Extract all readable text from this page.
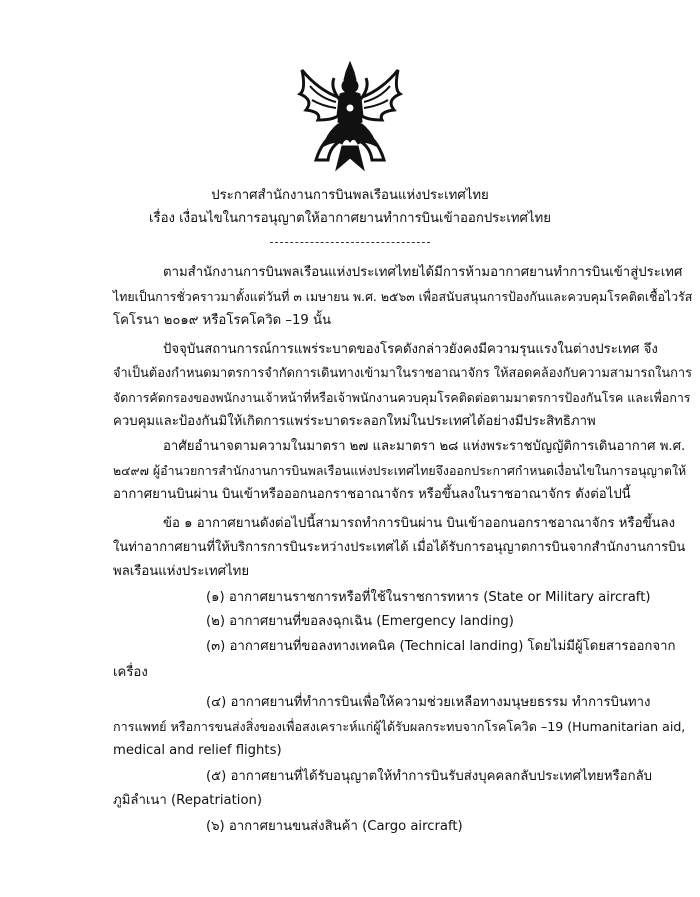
ประกาศสำนักงานการบินพลเรือนแห่งประเทศไทย
เรื่อง เงื่อนไขในการอนุญาตให้อากาศยานทำการบินเข้าออกประเทศไทย
ตามสำนักงานการบินพลเรือนแห่งประเทศไทยได้มีการห้ามอากาศยานทำการบินเข้าสู่ประเทศ
ไทยเป็นการชั่วคราวมาตั้งแต่วันที่ ๓ เมษายน พ.ศ. ๒๕๖๓ เพื่อสนับสนุนการป้องกันและควบคุมโรคติดเชื้อไวรัส
โคโรนา ๒๐๑๙ หรือโรคโควิด –19 นั้น
ปัจจุบันสถานการณ์การแพร่ระบาดของโรคดังกล่าวยังคงมีความรุนแรงในต่างประเทศ จึง
จำเป็นต้องกำหนดมาตรการจำกัดการเดินทางเข้ามาในราชอาณาจักร ให้สอดคล้องกับความสามารถในการ
จัดการคัดกรองของพนักงานเจ้าหน้าที่หรือเจ้าพนักงานควบคุมโรคติดต่อตามมาตรการป้องกันโรค และเพื่อการ
ควบคุมและป้องกันมิให้เกิดการแพร่ระบาดระลอกใหม่ในประเทศได้อย่างมีประสิทธิภาพ
อาศัยอำนาจตามความในมาตรา ๒๗ และมาตรา ๒๘ แห่งพระราชบัญญัติการเดินอากาศ พ.ศ.
๒๔๙๗ ผู้อำนวยการสำนักงานการบินพลเรือนแห่งประเทศไทยจึงออกประกาศกำหนดเงื่อนไขในการอนุญาตให้
อากาศยานบินผ่าน บินเข้าหรือออกนอกราชอาณาจักร หรือขึ้นลงในราชอาณาจักร ดังต่อไปนี้
ข้อ ๑ อากาศยานดังต่อไปนี้สามารถทำการบินผ่าน บินเข้าออกนอกราชอาณาจักร หรือขึ้นลง
ในท่าอากาศยานที่ให้บริการการบินระหว่างประเทศได้ เมื่อได้รับการอนุญาตการบินจากสำนักงานการบิน
พลเรือนแห่งประเทศไทย
(๑) อากาศยานราชการหรือที่ใช้ในราชการทหาร (State or Military aircraft)
(๒) อากาศยานที่ขอลงฉุกเฉิน (Emergency landing)
(๓) อากาศยานที่ขอลงทางเทคนิค (Technical landing) โดยไม่มีผู้โดยสารออกจาก
เครื่อง
(๔) อากาศยานที่ทำการบินเพื่อให้ความช่วยเหลือทางมนุษยธรรม ทำการบินทาง
การแพทย์ หรือการขนส่งสิ่งของเพื่อสงเคราะห์แก่ผู้ได้รับผลกระทบจากโรคโควิด –19 (Humanitarian aid,
medical and relief flights)
(๕) อากาศยานที่ได้รับอนุญาตให้ทำการบินรับส่งบุคคลกลับประเทศไทยหรือกลับ
ภูมิลำเนา (Repatriation)
(๖) อากาศยานขนส่งสินค้า (Cargo aircraft)
